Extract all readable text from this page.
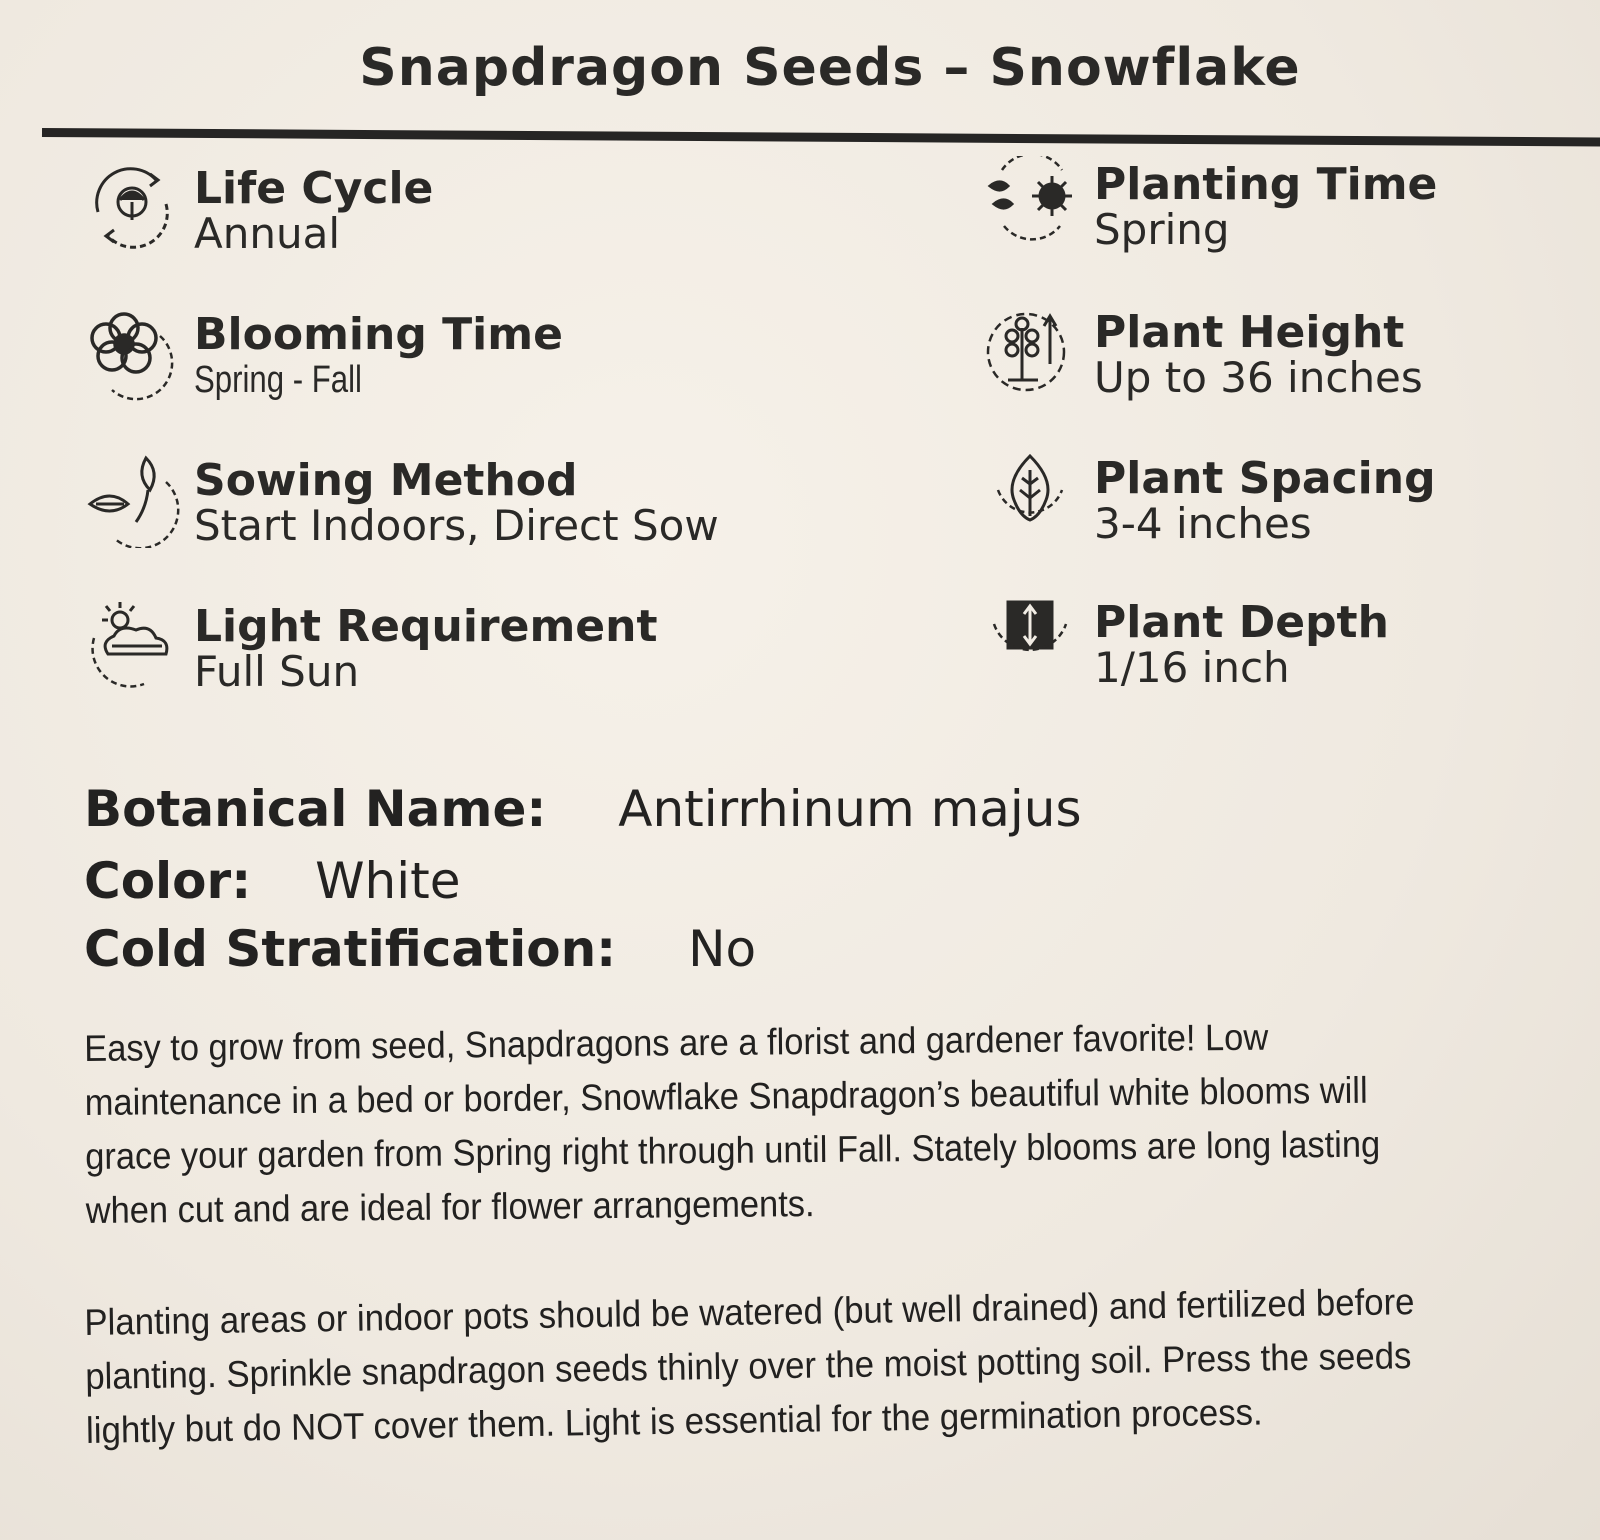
Snapdragon Seeds – Snowflake
Life Cycle
Annual
Blooming Time
Spring - Fall
Sowing Method
Start Indoors, Direct Sow
Light Requirement
Full Sun
Planting Time
Spring
Plant Height
Up to 36 inches
Plant Spacing
3-4 inches
Plant Depth
1/16 inch
Botanical Name: Antirrhinum majus
Color: White
Cold Stratification: No
Easy to grow from seed, Snapdragons are a florist and gardener favorite! Low maintenance in a bed or border, Snowflake Snapdragon’s beautiful white blooms will grace your garden from Spring right through until Fall. Stately blooms are long lasting when cut and are ideal for flower arrangements.
Planting areas or indoor pots should be watered (but well drained) and fertilized before planting. Sprinkle snapdragon seeds thinly over the moist potting soil. Press the seeds lightly but do NOT cover them. Light is essential for the germination process.
